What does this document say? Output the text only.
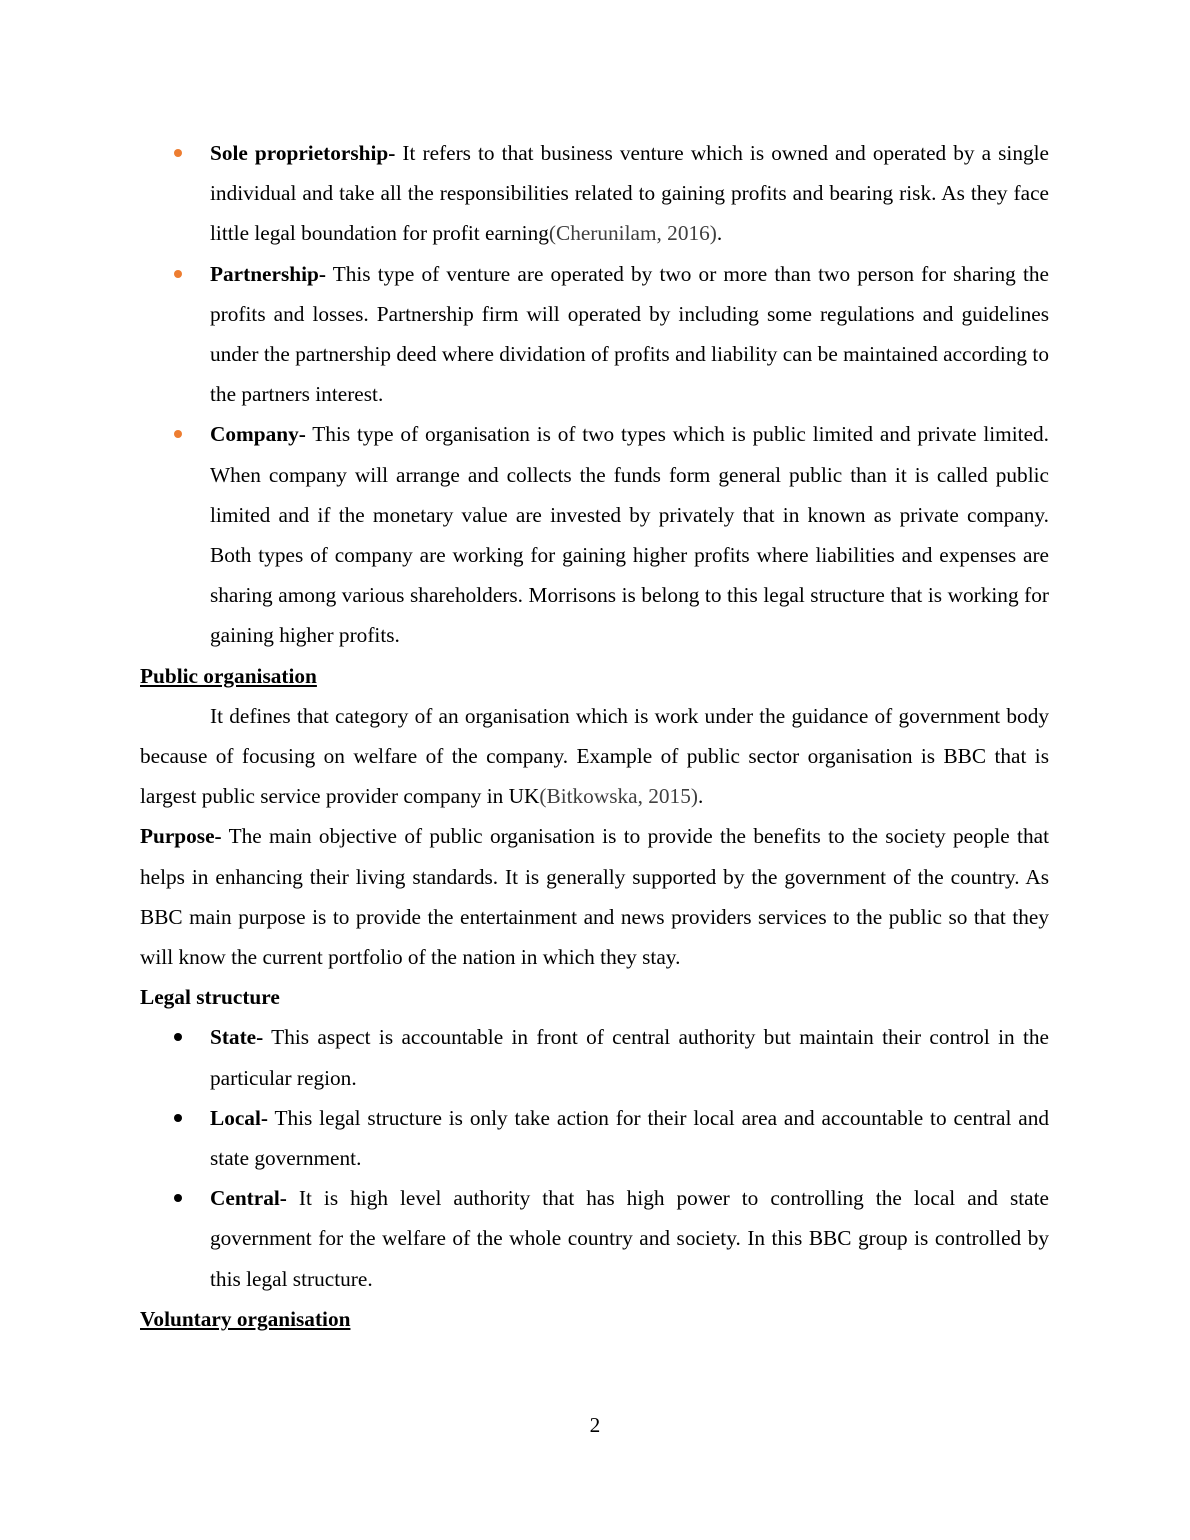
Sole proprietorship- It refers to that business venture which is owned and operated by a single individual and take all the responsibilities related to gaining profits and bearing risk. As they face little legal boundation for profit earning(Cherunilam, 2016).
Partnership- This type of venture are operated by two or more than two person for sharing the profits and losses. Partnership firm will operated by including some regulations and guidelines under the partnership deed where dividation of profits and liability can be maintained according to the partners interest.
Company- This type of organisation is of two types which is public limited and private limited. When company will arrange and collects the funds form general public than it is called public limited and if the monetary value are invested by privately that in known as private company. Both types of company are working for gaining higher profits where liabilities and expenses are sharing among various shareholders. Morrisons is belong to this legal structure that is working for gaining higher profits.

Public organisation

It defines that category of an organisation which is work under the guidance of government body because of focusing on welfare of the company. Example of public sector organisation is BBC that is largest public service provider company in UK(Bitkowska, 2015).

Purpose- The main objective of public organisation is to provide the benefits to the society people that helps in enhancing their living standards. It is generally supported by the government of the country. As BBC main purpose is to provide the entertainment and news providers services to the public so that they will know the current portfolio of the nation in which they stay.

Legal structure

State- This aspect is accountable in front of central authority but maintain their control in the particular region.
Local- This legal structure is only take action for their local area and accountable to central and state government.
Central- It is high level authority that has high power to controlling the local and state government for the welfare of the whole country and society. In this BBC group is controlled by this legal structure.

Voluntary organisation

2
